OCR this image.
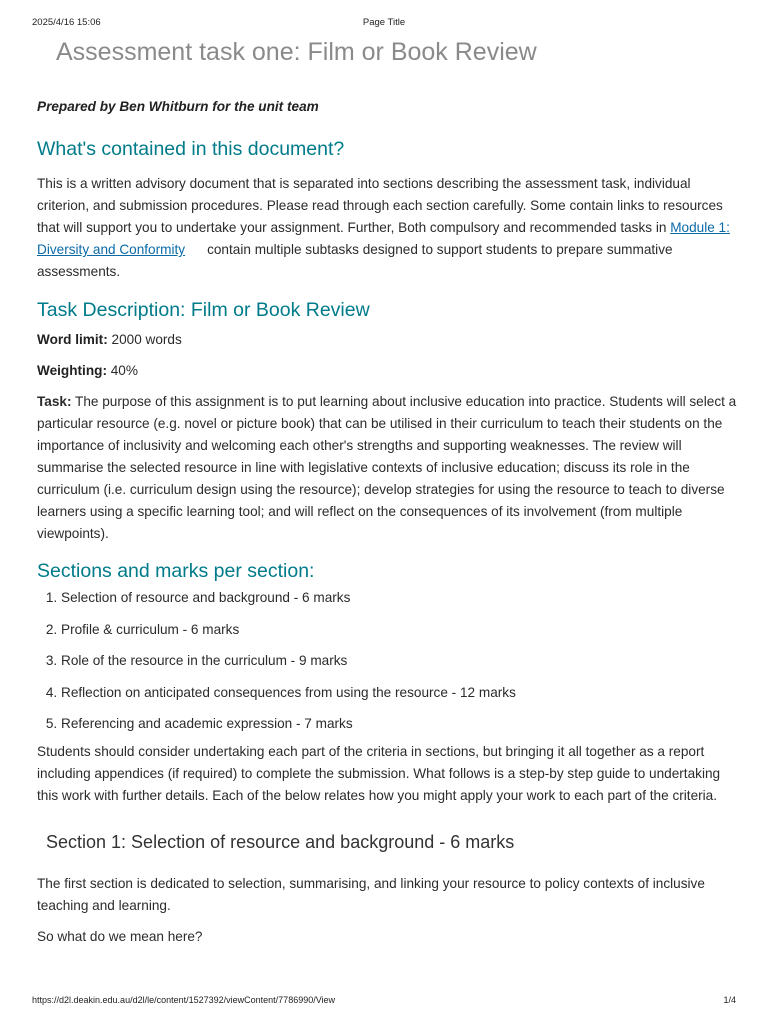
2025/4/16 15:06	Page Title
Assessment task one: Film or Book Review

Prepared by Ben Whitburn for the unit team

What's contained in this document?

This is a written advisory document that is separated into sections describing the assessment task, individual criterion, and submission procedures. Please read through each section carefully. Some contain links to resources that will support you to undertake your assignment. Further, Both compulsory and recommended tasks in Module 1: Diversity and Conformity contain multiple subtasks designed to support students to prepare summative assessments.

Task Description: Film or Book Review

Word limit: 2000 words

Weighting: 40%

Task: The purpose of this assignment is to put learning about inclusive education into practice. Students will select a particular resource (e.g. novel or picture book) that can be utilised in their curriculum to teach their students on the importance of inclusivity and welcoming each other's strengths and supporting weaknesses. The review will summarise the selected resource in line with legislative contexts of inclusive education; discuss its role in the curriculum (i.e. curriculum design using the resource); develop strategies for using the resource to teach to diverse learners using a specific learning tool; and will reflect on the consequences of its involvement (from multiple viewpoints).

Sections and marks per section:
1. Selection of resource and background - 6 marks
2. Profile & curriculum - 6 marks
3. Role of the resource in the curriculum - 9 marks
4. Reflection on anticipated consequences from using the resource - 12 marks
5. Referencing and academic expression - 7 marks

Students should consider undertaking each part of the criteria in sections, but bringing it all together as a report including appendices (if required) to complete the submission. What follows is a step-by step guide to undertaking this work with further details. Each of the below relates how you might apply your work to each part of the criteria.

Section 1: Selection of resource and background - 6 marks

The first section is dedicated to selection, summarising, and linking your resource to policy contexts of inclusive teaching and learning.

So what do we mean here?

https://d2l.deakin.edu.au/d2l/le/content/1527392/viewContent/7786990/View	1/4
